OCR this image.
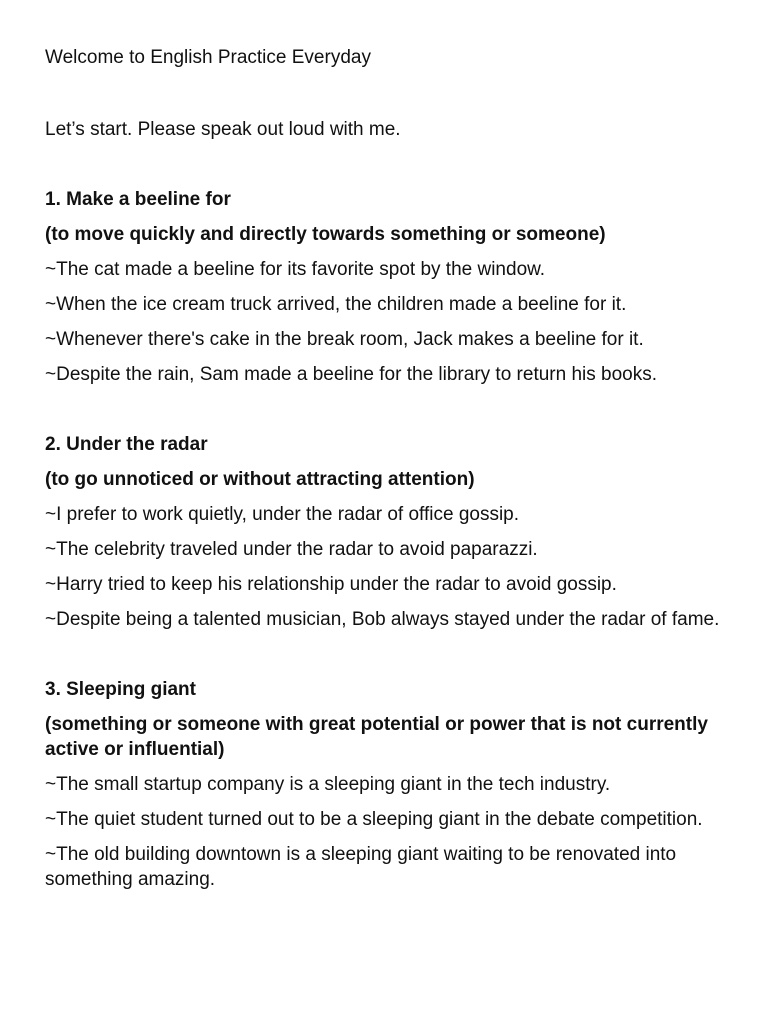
Welcome to English Practice Everyday

Let’s start. Please speak out loud with me.

1. Make a beeline for

(to move quickly and directly towards something or someone)

~The cat made a beeline for its favorite spot by the window.

~When the ice cream truck arrived, the children made a beeline for it.

~Whenever there's cake in the break room, Jack makes a beeline for it.

~Despite the rain, Sam made a beeline for the library to return his books.

2. Under the radar

(to go unnoticed or without attracting attention)

~I prefer to work quietly, under the radar of office gossip.

~The celebrity traveled under the radar to avoid paparazzi.

~Harry tried to keep his relationship under the radar to avoid gossip.

~Despite being a talented musician, Bob always stayed under the radar of fame.

3. Sleeping giant

(something or someone with great potential or power that is not currently active or influential)

~The small startup company is a sleeping giant in the tech industry.

~The quiet student turned out to be a sleeping giant in the debate competition.

~The old building downtown is a sleeping giant waiting to be renovated into something amazing.
